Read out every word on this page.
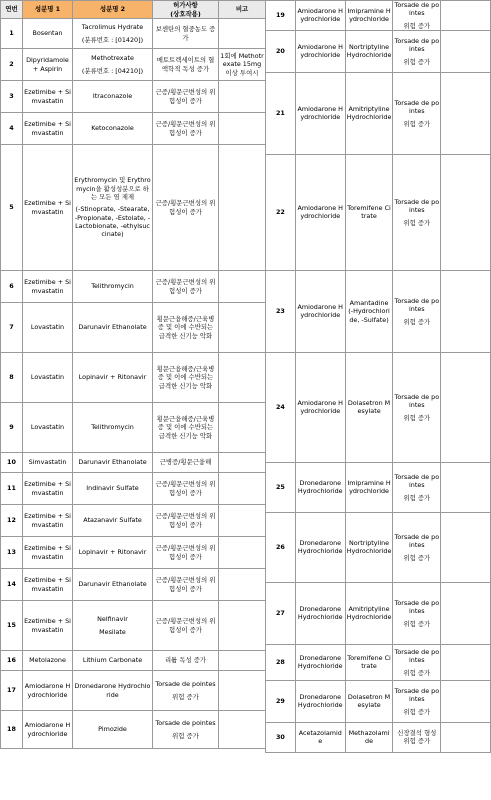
연번	성분명 1	성분명 2	허가사항
(상호작용)	비고
1	Bosentan	Tacrolimus Hydrate
(분류번호 : [01420])	보센탄의 혈중농도 증가	
2	Dipyridamole + Aspirin	Methotrexate
(분류번호 : [04210])	메토트렉세이트의 혈액학적 독성 증가	1회에 Methotrexate 15mg 이상 투여시
3	Ezetimibe + Simvastatin	Itraconazole	근증/횡문근변성의 위험성이 증가	
4	Ezetimibe + Simvastatin	Ketoconazole	근증/횡문근변성의 위험성이 증가	
5	Ezetimibe + Simvastatin	Erythromycin 및 Erythromycin을 활성성분으로 하는 모든 염 제제
(-Stinoprate, -Stearate, -Propionate, -Estolate, -Lactobionate, -ethylsuccinate)	근증/횡문근변성의 위험성이 증가	
6	Ezetimibe + Simvastatin	Telithromycin	근증/횡문근변성의 위험성이 증가	
7	Lovastatin	Darunavir Ethanolate	횡문근융해증/근육병증 및 이에 수반되는 급격한 신기능 악화	
8	Lovastatin	Lopinavir + Ritonavir	횡문근융해증/근육병증 및 이에 수반되는 급격한 신기능 악화	
9	Lovastatin	Telithromycin	횡문근융해증/근육병증 및 이에 수반되는 급격한 신기능 악화	
10	Simvastatin	Darunavir Ethanolate	근병증/횡문근융해	
11	Ezetimibe + Simvastatin	Indinavir Sulfate	근증/횡문근변성의 위험성이 증가	
12	Ezetimibe + Simvastatin	Atazanavir Sulfate	근증/횡문근변성의 위험성이 증가	
13	Ezetimibe + Simvastatin	Lopinavir + Ritonavir	근증/횡문근변성의 위험성이 증가	
14	Ezetimibe + Simvastatin	Darunavir Ethanolate	근증/횡문근변성의 위험성이 증가	
15	Ezetimibe + Simvastatin	Nelfinavir
Mesilate	근증/횡문근변성의 위험성이 증가	
16	Metolazone	Lithium Carbonate	리튬 독성 증가	
17	Amiodarone Hydrochloride	Dronedarone Hydrochloride	Torsade de pointes
위험 증가	

18	Amiodarone Hydrochloride	Pimozide	Torsade de pointes
위험 증가	

19	Amiodarone Hydrochloride	Imipramine Hydrochloride	Torsade de pointes
위험 증가	

20	Amiodarone Hydrochloride	Nortriptyline Hydrochloride	Torsade de pointes
위험 증가	

21	Amiodarone Hydrochloride	Amitriptyline Hydrochloride	Torsade de pointes
위험 증가	

22	Amiodarone Hydrochloride	Toremifene Citrate	Torsade de pointes
위험 증가	

23	Amiodarone Hydrochloride	Amantadine (-Hydrochloride, -Sulfate)	Torsade de pointes
위험 증가	

24	Amiodarone Hydrochloride	Dolasetron Mesylate	Torsade de pointes
위험 증가	

25	Dronedarone Hydrochloride	Imipramine Hydrochloride	Torsade de pointes
위험 증가	

26	Dronedarone Hydrochloride	Nortriptyline Hydrochloride	Torsade de pointes
위험 증가	

27	Dronedarone Hydrochloride	Amitriptyline Hydrochloride	Torsade de pointes
위험 증가	

28	Dronedarone Hydrochloride	Toremifene Citrate	Torsade de pointes
위험 증가	

29	Dronedarone Hydrochloride	Dolasetron Mesylate	Torsade de pointes
위험 증가	

30	Acetazolamide	Methazolamide	신장결석 형성 위험 증가	
